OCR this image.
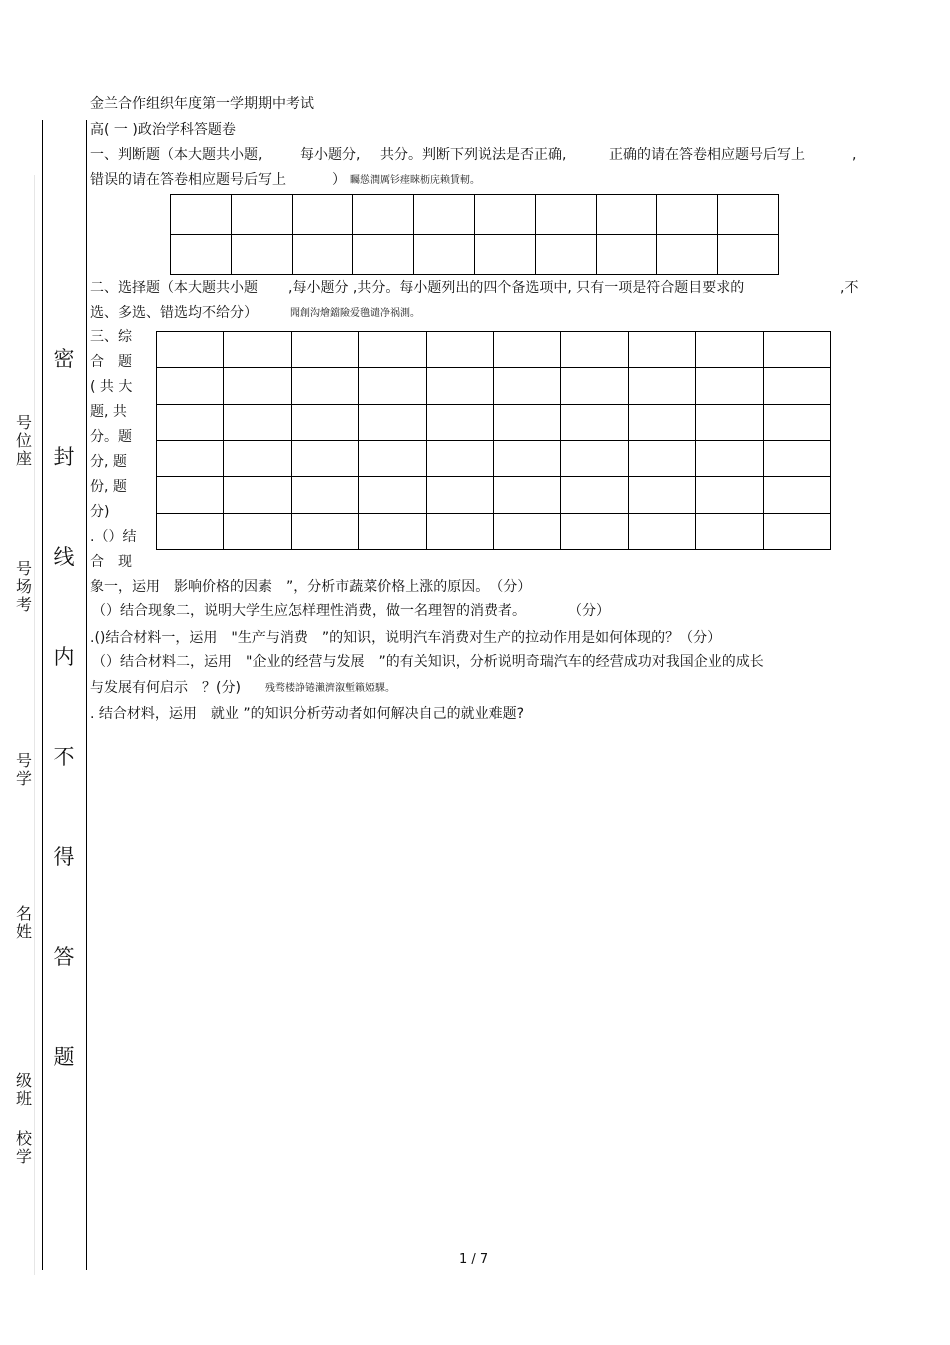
号位座
号场考
号学
名姓
级班
校学
密
封
线
内
不
得
答
题
金兰合作组织年度第一学期期中考试
高( 一 )政治学科答题卷
一、判断题（本大题共小题,	每小题分, 共分。判断下列说法是否正确,	正确的请在答卷相应题号后写上	,
错误的请在答卷相应题号后写上	） 矚慫潤厲钐瘗睞枥庑赖賃軔。

二、选择题（本大题共小题 ,每小题分 ,共分。每小题列出的四个备选项中, 只有一项是符合题目要求的	,不
选、多选、错选均不给分）	聞創沟燴鐺險爱氇谴净祸測。
三、综
合　题
( 共 大
题, 共
分。题
分, 题
份, 题
分)
.（）结
合　现

象一，运用　影响价格的因素　”，分析市蔬菜价格上涨的原因。　（分）
（）结合现象二，说明大学生应怎样理性消费，做一名理智的消费者。　　　　（分）
.()结合材料一，运用　"生产与消费　”的知识，说明汽车消费对生产的拉动作用是如何体现的？（分）
（）结合材料二，运用　"企业的经营与发展　”的有关知识，分析说明奇瑞汽车的经营成功对我国企业的成长
与发展有何启示　？(分) 残骛楼諍锩瀨濟溆塹籟婭騍。
. 结合材料，运用　就业 ”的知识分析劳动者如何解决自己的就业难题?
1 / 7
